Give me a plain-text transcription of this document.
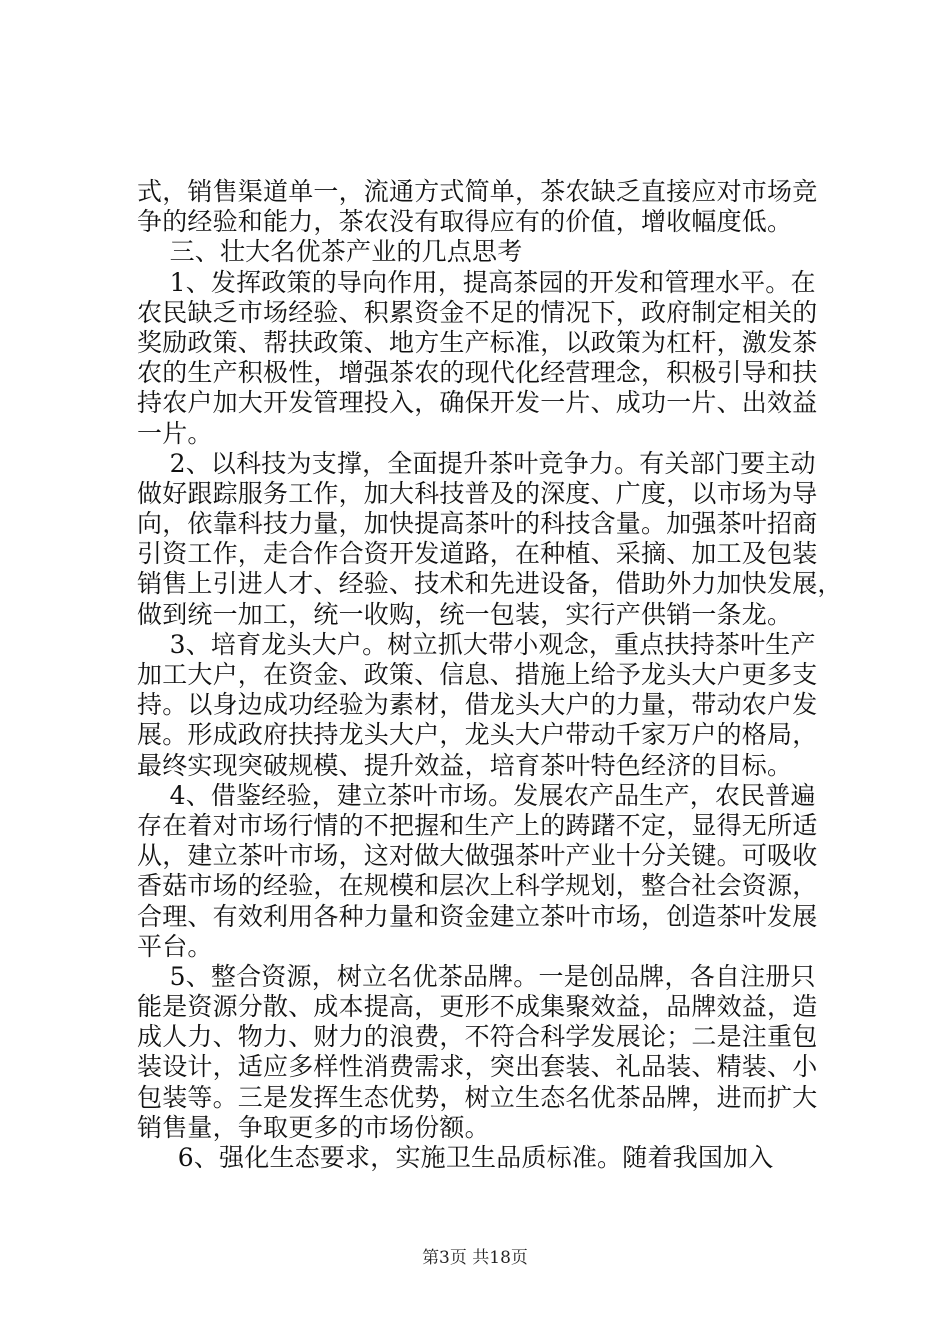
式，销售渠道单一，流通方式简单，茶农缺乏直接应对市场竞
争的经验和能力，茶农没有取得应有的价值，增收幅度低。
三、壮大名优茶产业的几点思考
1、发挥政策的导向作用，提高茶园的开发和管理水平。在
农民缺乏市场经验、积累资金不足的情况下，政府制定相关的
奖励政策、帮扶政策、地方生产标准，以政策为杠杆，激发茶
农的生产积极性，增强茶农的现代化经营理念，积极引导和扶
持农户加大开发管理投入，确保开发一片、成功一片、出效益
一片。
2、以科技为支撑，全面提升茶叶竞争力。有关部门要主动
做好跟踪服务工作，加大科技普及的深度、广度，以市场为导
向，依靠科技力量，加快提高茶叶的科技含量。加强茶叶招商
引资工作，走合作合资开发道路，在种植、采摘、加工及包装
销售上引进人才、经验、技术和先进设备，借助外力加快发展，
做到统一加工，统一收购，统一包装，实行产供销一条龙。
3、培育龙头大户。树立抓大带小观念，重点扶持茶叶生产
加工大户，在资金、政策、信息、措施上给予龙头大户更多支
持。以身边成功经验为素材，借龙头大户的力量，带动农户发
展。形成政府扶持龙头大户，龙头大户带动千家万户的格局，
最终实现突破规模、提升效益，培育茶叶特色经济的目标。
4、借鉴经验，建立茶叶市场。发展农产品生产，农民普遍
存在着对市场行情的不把握和生产上的踌躇不定，显得无所适
从，建立茶叶市场，这对做大做强茶叶产业十分关键。可吸收
香菇市场的经验，在规模和层次上科学规划，整合社会资源，
合理、有效利用各种力量和资金建立茶叶市场，创造茶叶发展
平台。
5、整合资源，树立名优茶品牌。一是创品牌，各自注册只
能是资源分散、成本提高，更形不成集聚效益，品牌效益，造
成人力、物力、财力的浪费，不符合科学发展论；二是注重包
装设计，适应多样性消费需求，突出套装、礼品装、精装、小
包装等。三是发挥生态优势，树立生态名优茶品牌，进而扩大
销售量，争取更多的市场份额。
6、强化生态要求，实施卫生品质标准。随着我国加入
第3页 共18页
